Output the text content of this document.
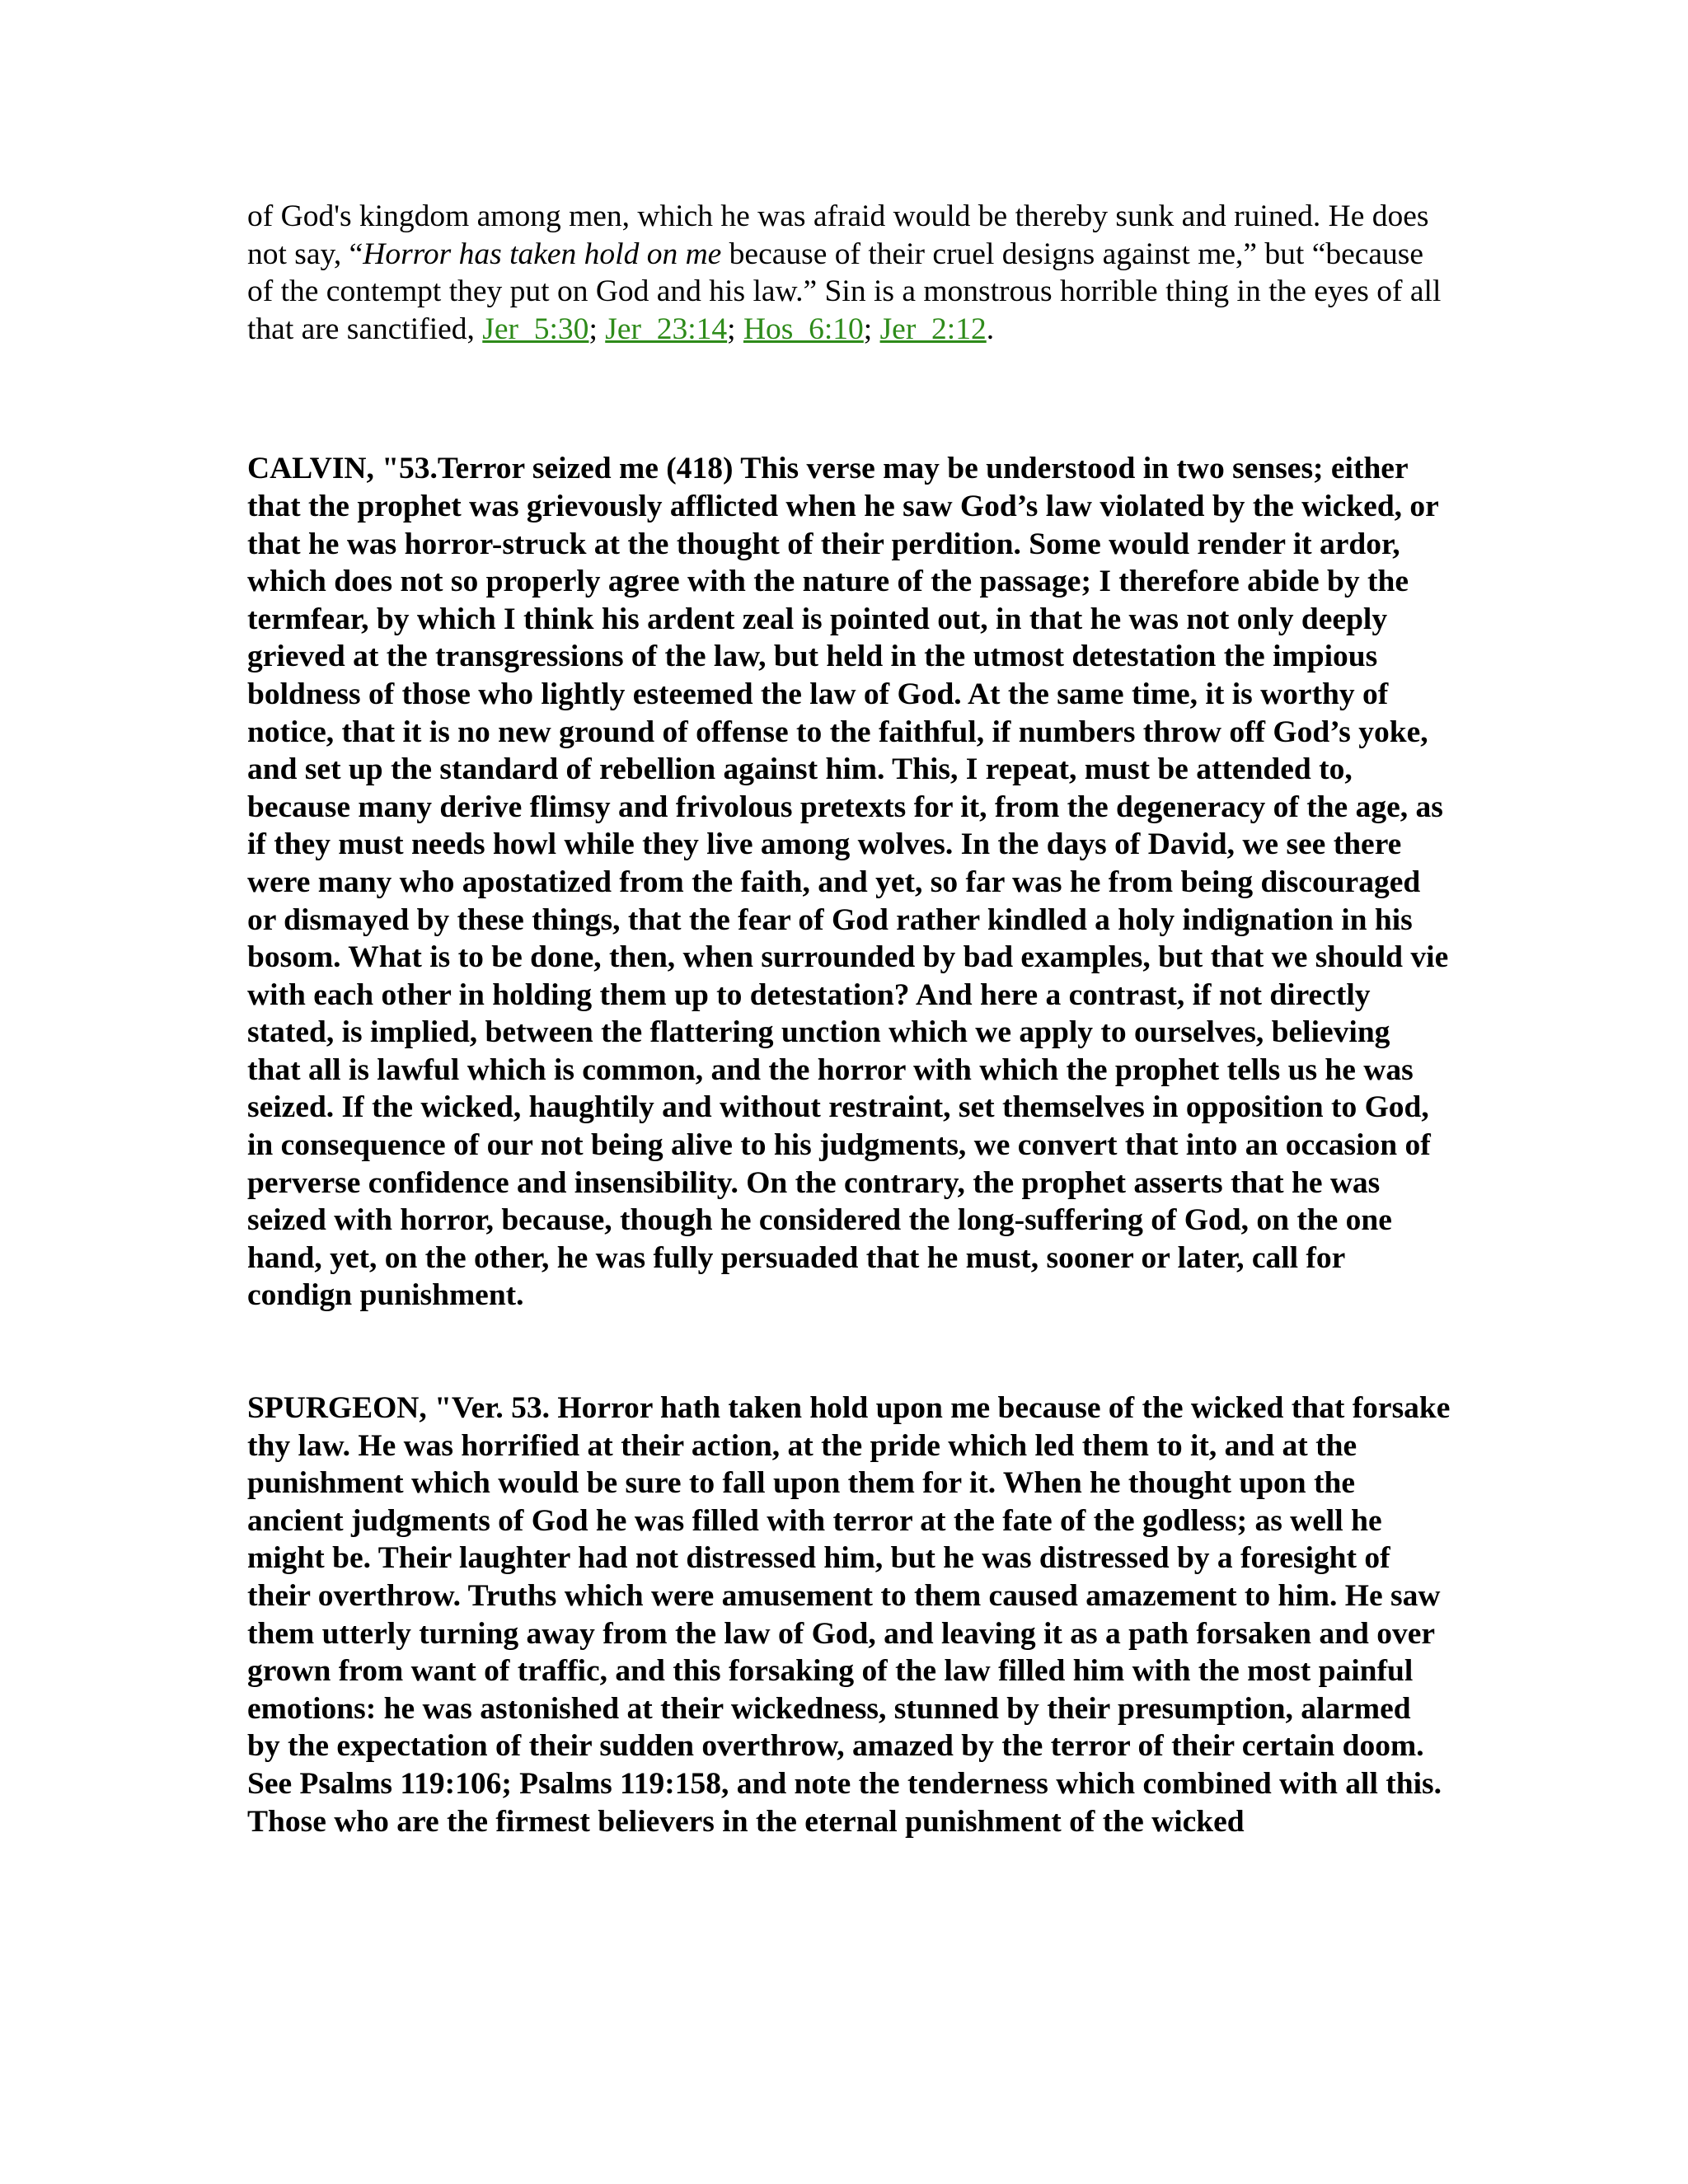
of God's kingdom among men, which he was afraid would be thereby sunk and ruined. He does not say, “Horror has taken hold on me because of their cruel designs against me,” but “because of the contempt they put on God and his law.” Sin is a monstrous horrible thing in the eyes of all that are sanctified, Jer  5:30; Jer  23:14; Hos  6:10; Jer  2:12.

CALVIN, "53.Terror seized me (418) This verse may be understood in two senses; either that the prophet was grievously afflicted when he saw God’s law violated by the wicked, or that he was horror-struck at the thought of their perdition. Some would render it ardor, which does not so properly agree with the nature of the passage; I therefore abide by the termfear, by which I think his ardent zeal is pointed out, in that he was not only deeply grieved at the transgressions of the law, but held in the utmost detestation the impious boldness of those who lightly esteemed the law of God. At the same time, it is worthy of notice, that it is no new ground of offense to the faithful, if numbers throw off God’s yoke, and set up the standard of rebellion against him. This, I repeat, must be attended to, because many derive flimsy and frivolous pretexts for it, from the degeneracy of the age, as if they must needs howl while they live among wolves. In the days of David, we see there were many who apostatized from the faith, and yet, so far was he from being discouraged or dismayed by these things, that the fear of God rather kindled a holy indignation in his bosom. What is to be done, then, when surrounded by bad examples, but that we should vie with each other in holding them up to detestation? And here a contrast, if not directly stated, is implied, between the flattering unction which we apply to ourselves, believing that all is lawful which is common, and the horror with which the prophet tells us he was seized. If the wicked, haughtily and without restraint, set themselves in opposition to God, in consequence of our not being alive to his judgments, we convert that into an occasion of perverse confidence and insensibility. On the contrary, the prophet asserts that he was seized with horror, because, though he considered the long-suffering of God, on the one hand, yet, on the other, he was fully persuaded that he must, sooner or later, call for condign punishment.

SPURGEON, "Ver. 53. Horror hath taken hold upon me because of the wicked that forsake thy law. He was horrified at their action, at the pride which led them to it, and at the punishment which would be sure to fall upon them for it. When he thought upon the ancient judgments of God he was filled with terror at the fate of the godless; as well he might be. Their laughter had not distressed him, but he was distressed by a foresight of their overthrow. Truths which were amusement to them caused amazement to him. He saw them utterly turning away from the law of God, and leaving it as a path forsaken and over grown from want of traffic, and this forsaking of the law filled him with the most painful emotions: he was astonished at their wickedness, stunned by their presumption, alarmed by the expectation of their sudden overthrow, amazed by the terror of their certain doom.

See Psalms 119:106; Psalms 119:158, and note the tenderness which combined with all this. Those who are the firmest believers in the eternal punishment of the wicked
